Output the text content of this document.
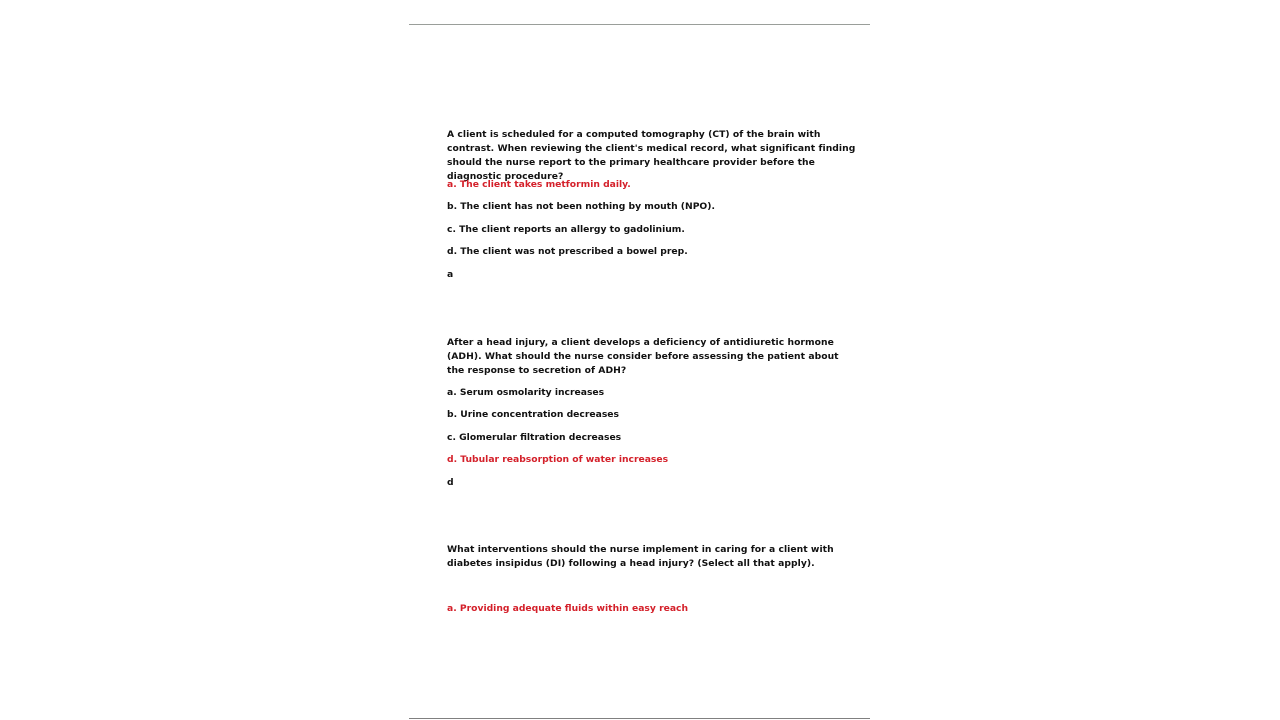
A client is scheduled for a computed tomography (CT) of the brain with contrast. When reviewing the client's medical record, what significant finding should the nurse report to the primary healthcare provider before the diagnostic procedure?
a. The client takes metformin daily.
b. The client has not been nothing by mouth (NPO).
c. The client reports an allergy to gadolinium.
d. The client was not prescribed a bowel prep.
a
After a head injury, a client develops a deficiency of antidiuretic hormone (ADH). What should the nurse consider before assessing the patient about the response to secretion of ADH?
a. Serum osmolarity increases
b. Urine concentration decreases
c. Glomerular filtration decreases
d. Tubular reabsorption of water increases
d
What interventions should the nurse implement in caring for a client with diabetes insipidus (DI) following a head injury? (Select all that apply).
a. Providing adequate fluids within easy reach
